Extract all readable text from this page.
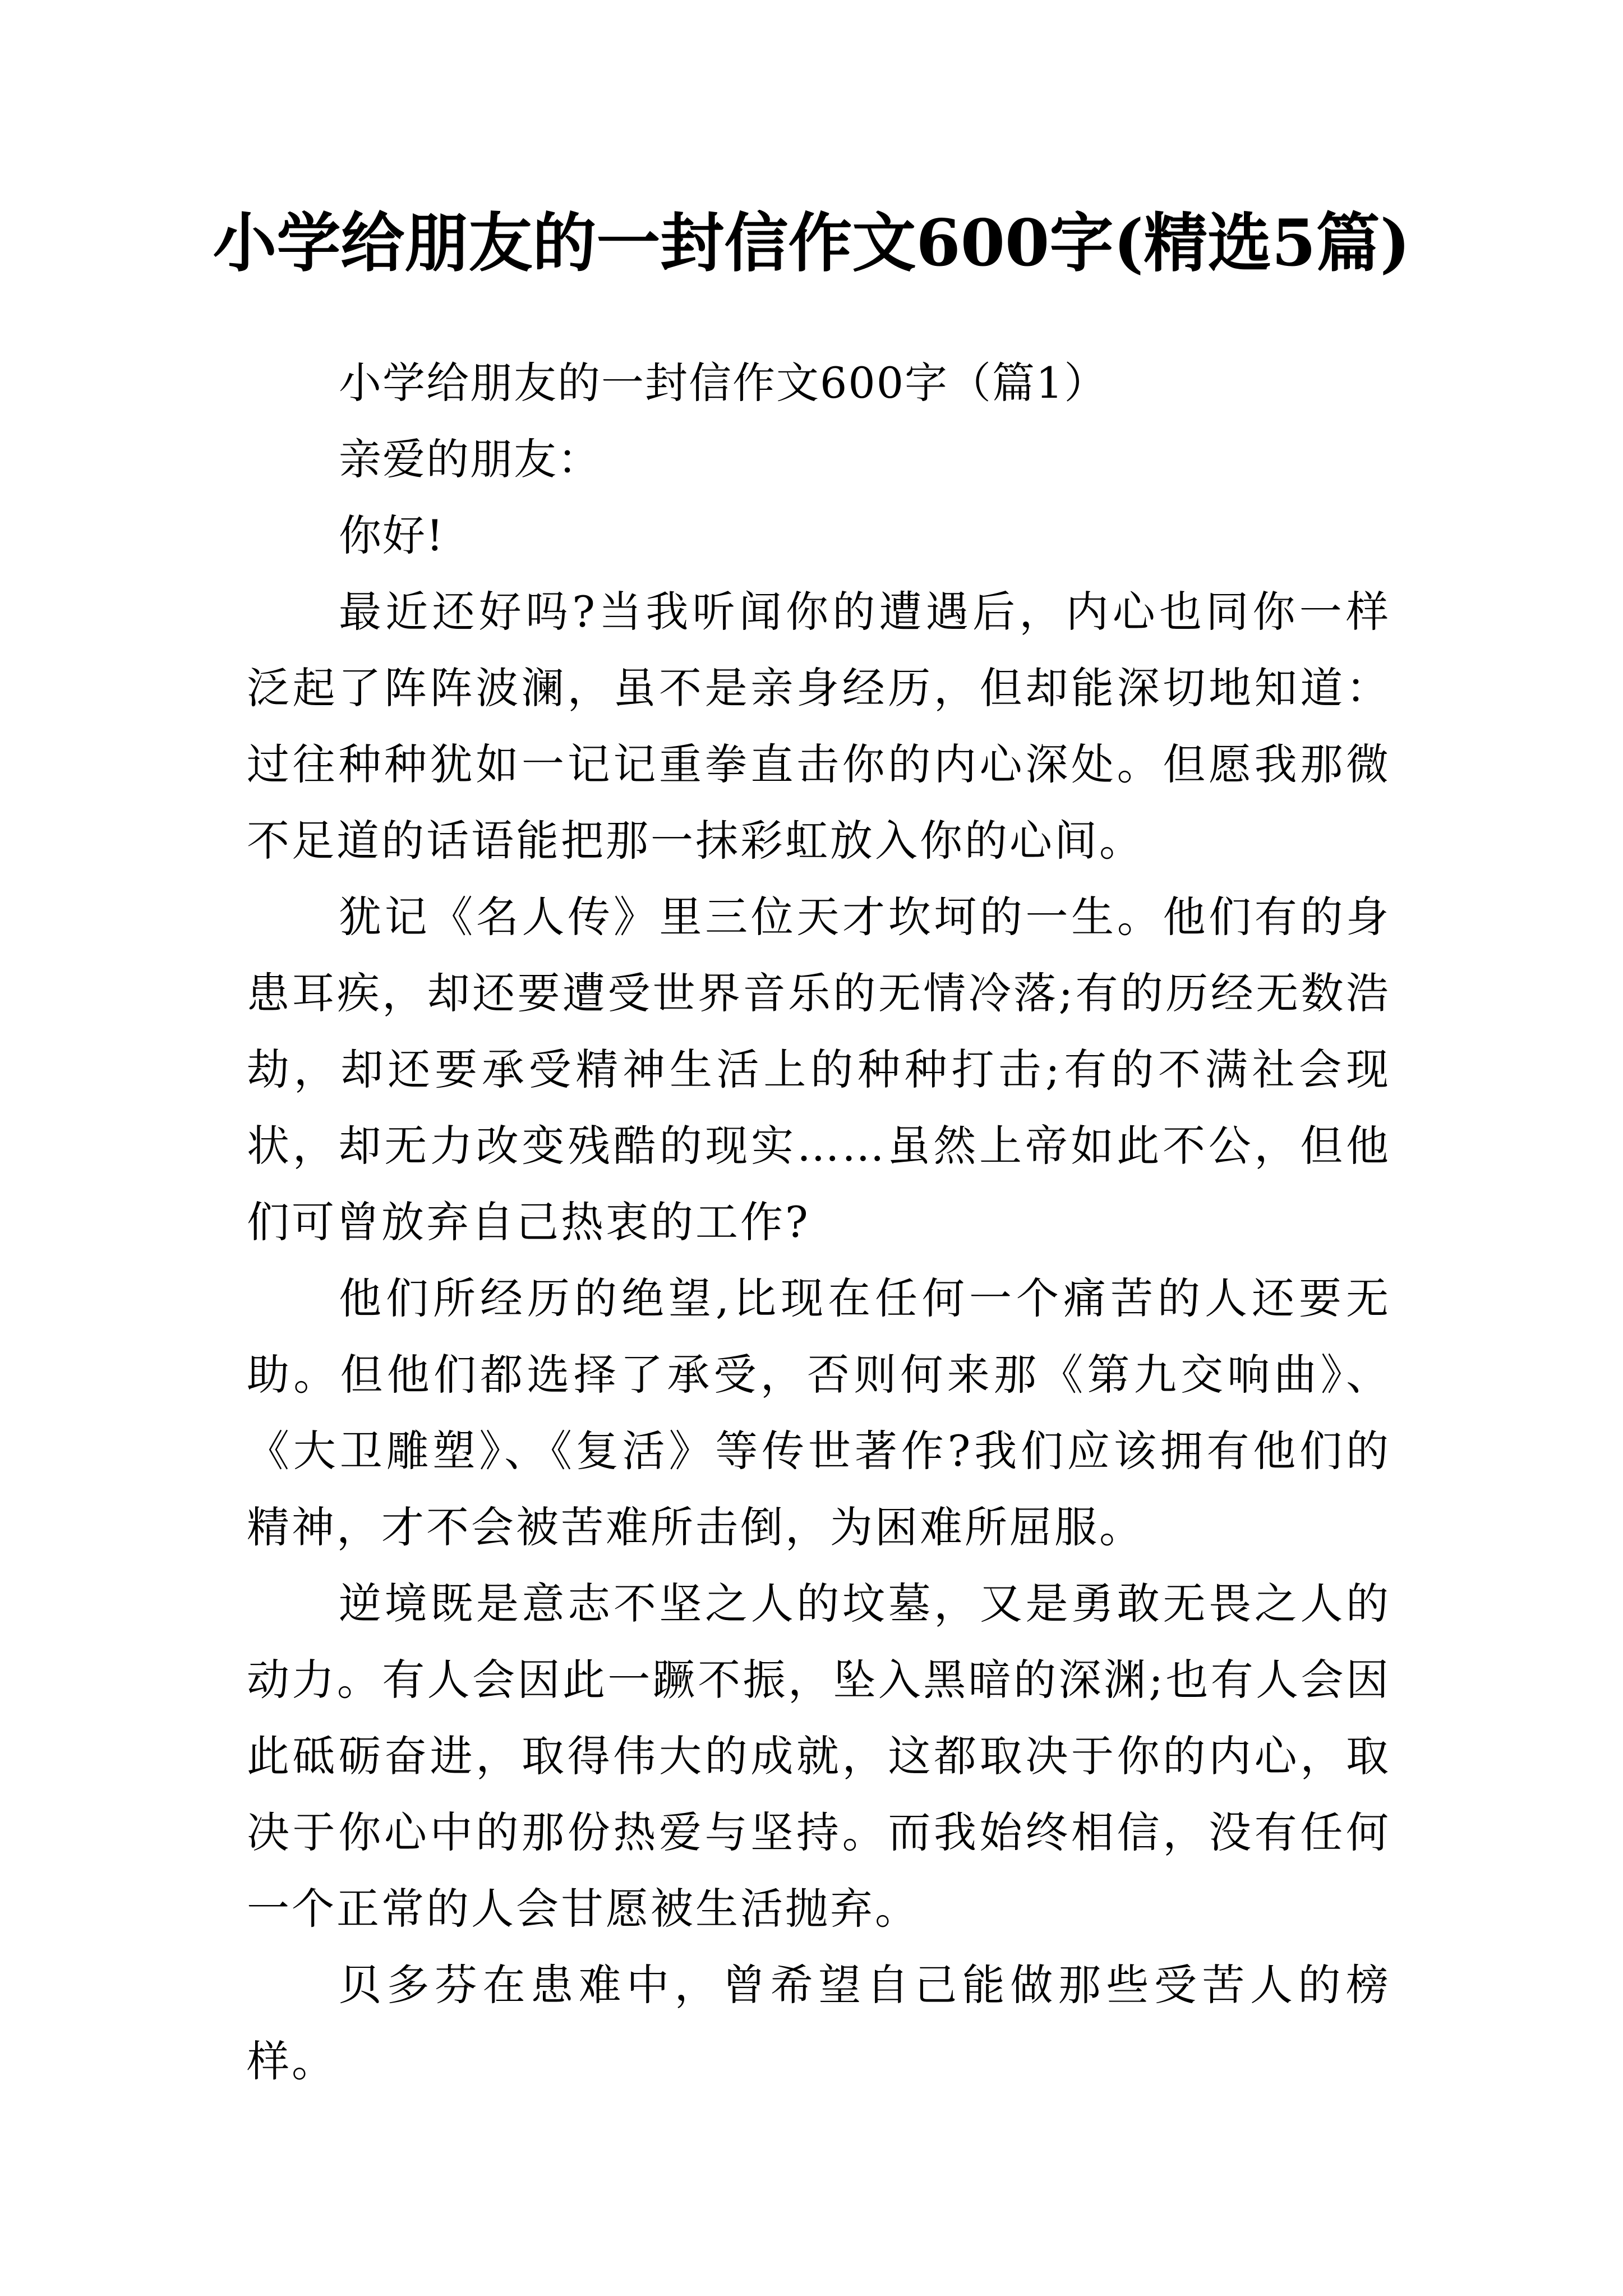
小学给朋友的一封信作文600字(精选5篇)

小学给朋友的一封信作文600字（篇1）

亲爱的朋友：

你好!

最近还好吗?当我听闻你的遭遇后，内心也同你一样泛起了阵阵波澜，虽不是亲身经历，但却能深切地知道：过往种种犹如一记记重拳直击你的内心深处。但愿我那微不足道的话语能把那一抹彩虹放入你的心间。

犹记《名人传》里三位天才坎坷的一生。他们有的身患耳疾，却还要遭受世界音乐的无情冷落;有的历经无数浩劫，却还要承受精神生活上的种种打击;有的不满社会现状，却无力改变残酷的现实……虽然上帝如此不公，但他们可曾放弃自己热衷的工作?

他们所经历的绝望,比现在任何一个痛苦的人还要无助。但他们都选择了承受，否则何来那《第九交响曲》、《大卫雕塑》、《复活》等传世著作?我们应该拥有他们的精神，才不会被苦难所击倒，为困难所屈服。

逆境既是意志不坚之人的坟墓，又是勇敢无畏之人的动力。有人会因此一蹶不振，坠入黑暗的深渊;也有人会因此砥砺奋进，取得伟大的成就，这都取决于你的内心，取决于你心中的那份热爱与坚持。而我始终相信，没有任何一个正常的人会甘愿被生活抛弃。

贝多芬在患难中，曾希望自己能做那些受苦人的榜样。
